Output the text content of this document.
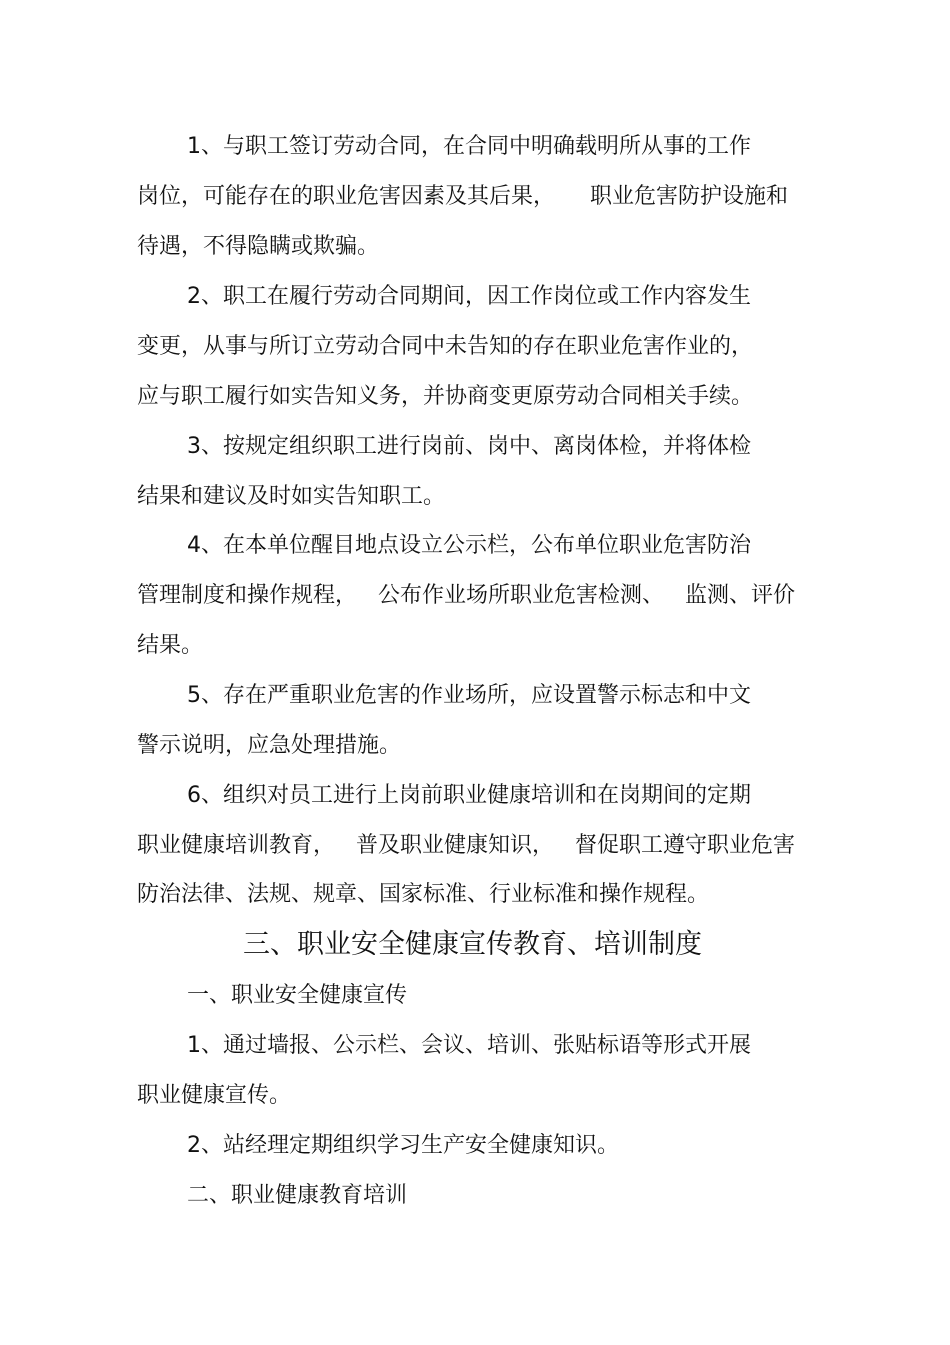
1、与职工签订劳动合同，在合同中明确载明所从事的工作
岗位，可能存在的职业危害因素及其后果，     职业危害防护设施和
待遇，不得隐瞒或欺骗。
2、职工在履行劳动合同期间，因工作岗位或工作内容发生
变更，从事与所订立劳动合同中未告知的存在职业危害作业的，
应与职工履行如实告知义务，并协商变更原劳动合同相关手续。
3、按规定组织职工进行岗前、岗中、离岗体检，并将体检
结果和建议及时如实告知职工。
4、在本单位醒目地点设立公示栏，公布单位职业危害防治
管理制度和操作规程，   公布作业场所职业危害检测、   监测、评价
结果。
5、存在严重职业危害的作业场所，应设置警示标志和中文
警示说明，应急处理措施。
6、组织对员工进行上岗前职业健康培训和在岗期间的定期
职业健康培训教育，   普及职业健康知识，   督促职工遵守职业危害
防治法律、法规、规章、国家标准、行业标准和操作规程。
三、职业安全健康宣传教育、培训制度
一、职业安全健康宣传
1、通过墙报、公示栏、会议、培训、张贴标语等形式开展
职业健康宣传。
2、站经理定期组织学习生产安全健康知识。
二、职业健康教育培训
